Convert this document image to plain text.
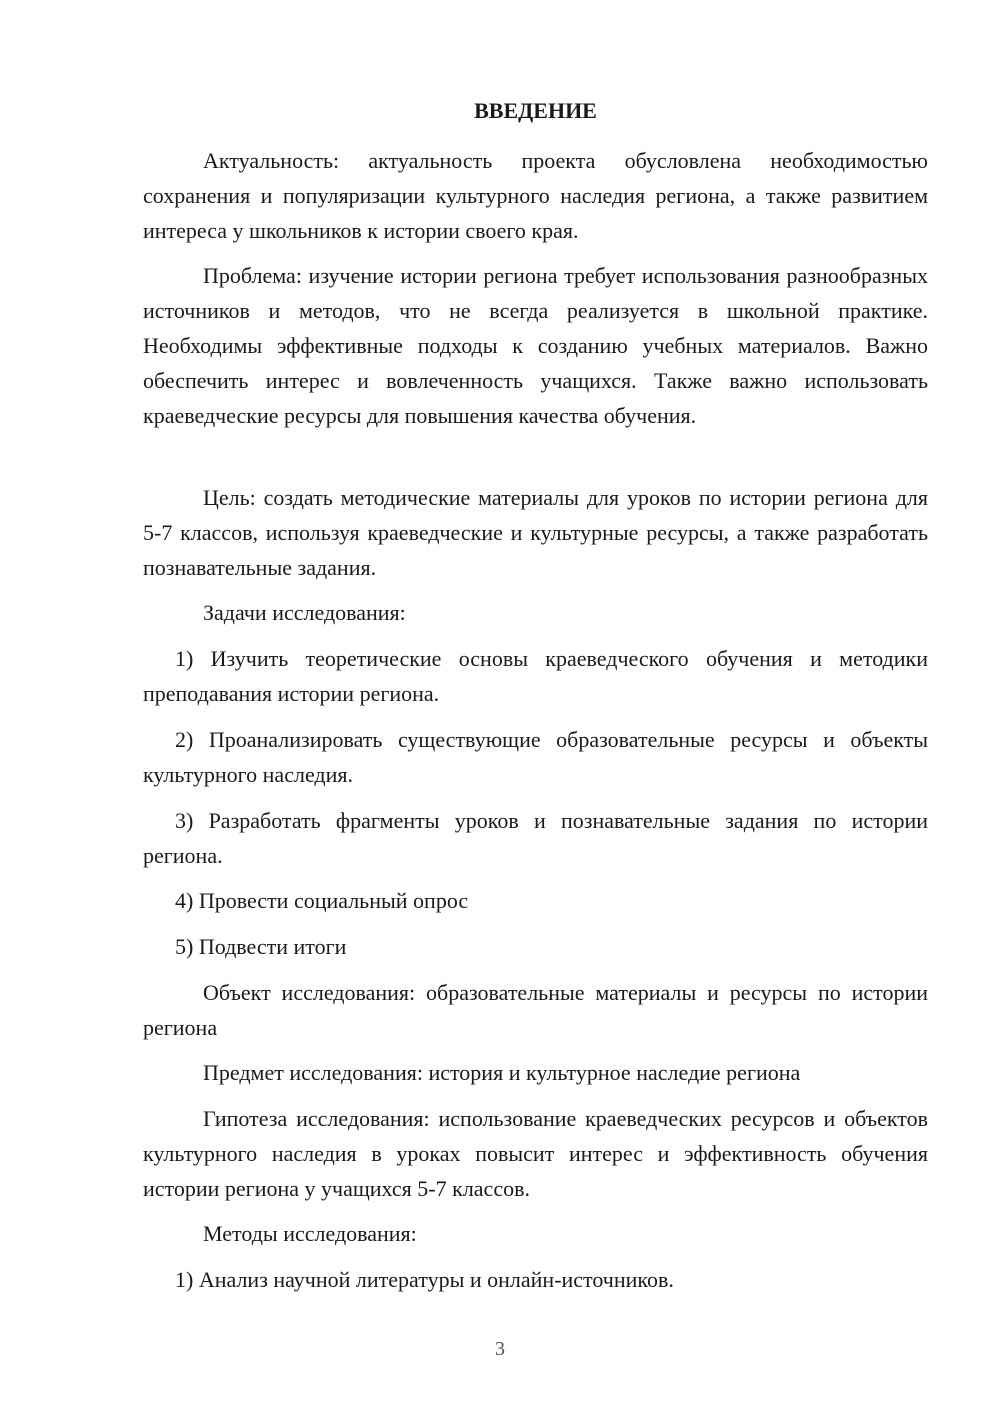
ВВЕДЕНИЕ

Актуальность: актуальность проекта обусловлена необходимостью сохранения и популяризации культурного наследия региона, а также развитием интереса у школьников к истории своего края.

Проблема: изучение истории региона требует использования разнообразных источников и методов, что не всегда реализуется в школьной практике. Необходимы эффективные подходы к созданию учебных материалов. Важно обеспечить интерес и вовлеченность учащихся. Также важно использовать краеведческие ресурсы для повышения качества обучения.

Цель: создать методические материалы для уроков по истории региона для 5-7 классов, используя краеведческие и культурные ресурсы, а также разработать познавательные задания.

Задачи исследования:

1) Изучить теоретические основы краеведческого обучения и методики преподавания истории региона.

2) Проанализировать существующие образовательные ресурсы и объекты культурного наследия.

3) Разработать фрагменты уроков и познавательные задания по истории региона.

4) Провести социальный опрос

5) Подвести итоги

Объект исследования: образовательные материалы и ресурсы по истории региона

Предмет исследования: история и культурное наследие региона

Гипотеза исследования: использование краеведческих ресурсов и объектов культурного наследия в уроках повысит интерес и эффективность обучения истории региона у учащихся 5-7 классов.

Методы исследования:

1) Анализ научной литературы и онлайн-источников.

3
